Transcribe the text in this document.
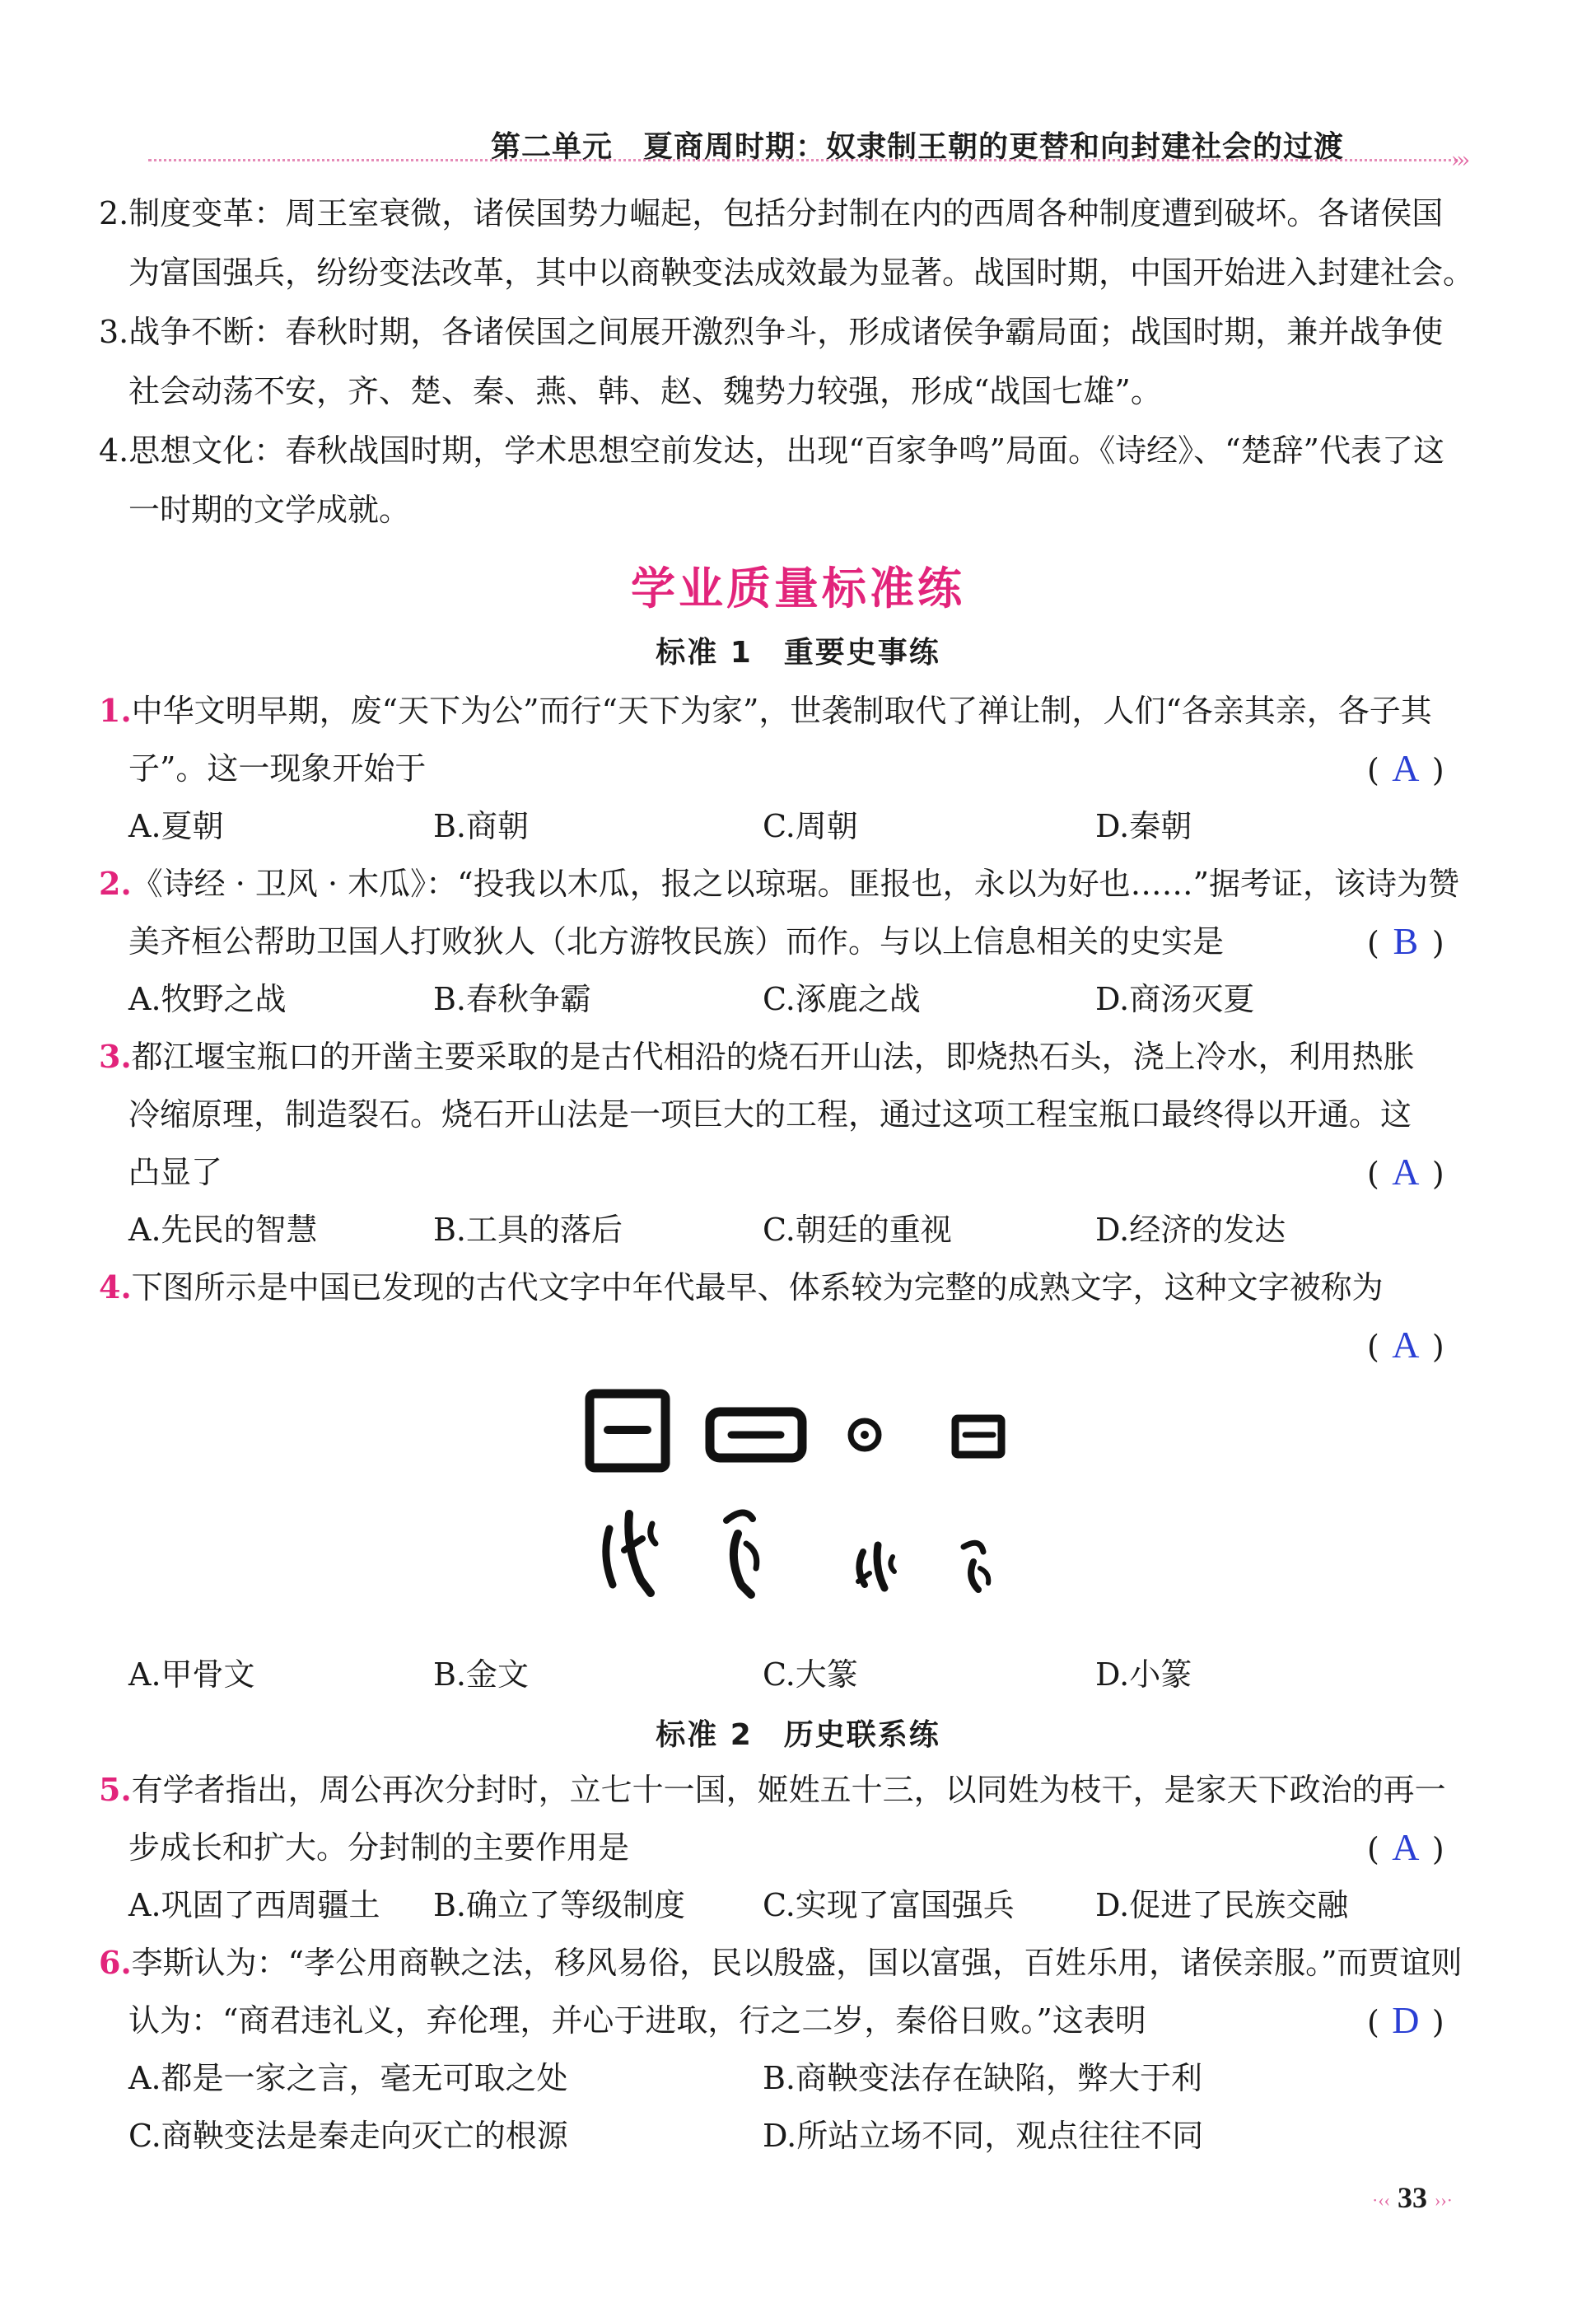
第二单元　夏商周时期：奴隶制王朝的更替和向封建社会的过渡	›››
2.制度变革：周王室衰微，诸侯国势力崛起，包括分封制在内的西周各种制度遭到破坏。各诸侯国
为富国强兵，纷纷变法改革，其中以商鞅变法成效最为显著。战国时期，中国开始进入封建社会。
3.战争不断：春秋时期，各诸侯国之间展开激烈争斗，形成诸侯争霸局面；战国时期，兼并战争使
社会动荡不安，齐、楚、秦、燕、韩、赵、魏势力较强，形成“战国七雄”。
4.思想文化：春秋战国时期，学术思想空前发达，出现“百家争鸣”局面。《诗经》、“楚辞”代表了这
一时期的文学成就。
学业质量标准练
标准 1　重要史事练
1.中华文明早期，废“天下为公”而行“天下为家”，世袭制取代了禅让制，人们“各亲其亲，各子其
子”。这一现象开始于	( A )
A.夏朝	B.商朝	C.周朝	D.秦朝
2.《诗经 · 卫风 · 木瓜》：“投我以木瓜，报之以琼琚。匪报也，永以为好也……”据考证，该诗为赞
美齐桓公帮助卫国人打败狄人（北方游牧民族）而作。与以上信息相关的史实是	( B )
A.牧野之战	B.春秋争霸	C.涿鹿之战	D.商汤灭夏
3.都江堰宝瓶口的开凿主要采取的是古代相沿的烧石开山法，即烧热石头，浇上冷水，利用热胀
冷缩原理，制造裂石。烧石开山法是一项巨大的工程，通过这项工程宝瓶口最终得以开通。这
凸显了	( A )
A.先民的智慧	B.工具的落后	C.朝廷的重视	D.经济的发达
4.下图所示是中国已发现的古代文字中年代最早、体系较为完整的成熟文字，这种文字被称为
( A )
A.甲骨文	B.金文	C.大篆	D.小篆
标准 2　历史联系练
5.有学者指出，周公再次分封时，立七十一国，姬姓五十三，以同姓为枝干，是家天下政治的再一
步成长和扩大。分封制的主要作用是	( A )
A.巩固了西周疆土 B.确立了等级制度 C.实现了富国强兵	D.促进了民族交融
6.李斯认为：“孝公用商鞅之法，移风易俗，民以殷盛，国以富强，百姓乐用，诸侯亲服。”而贾谊则
认为：“商君违礼义，弃伦理，并心于进取，行之二岁，秦俗日败。”这表明	( D )
A.都是一家之言，毫无可取之处	B.商鞅变法存在缺陷，弊大于利
C.商鞅变法是秦走向灭亡的根源	D.所站立场不同，观点往往不同
·‹‹ 33 ››·
